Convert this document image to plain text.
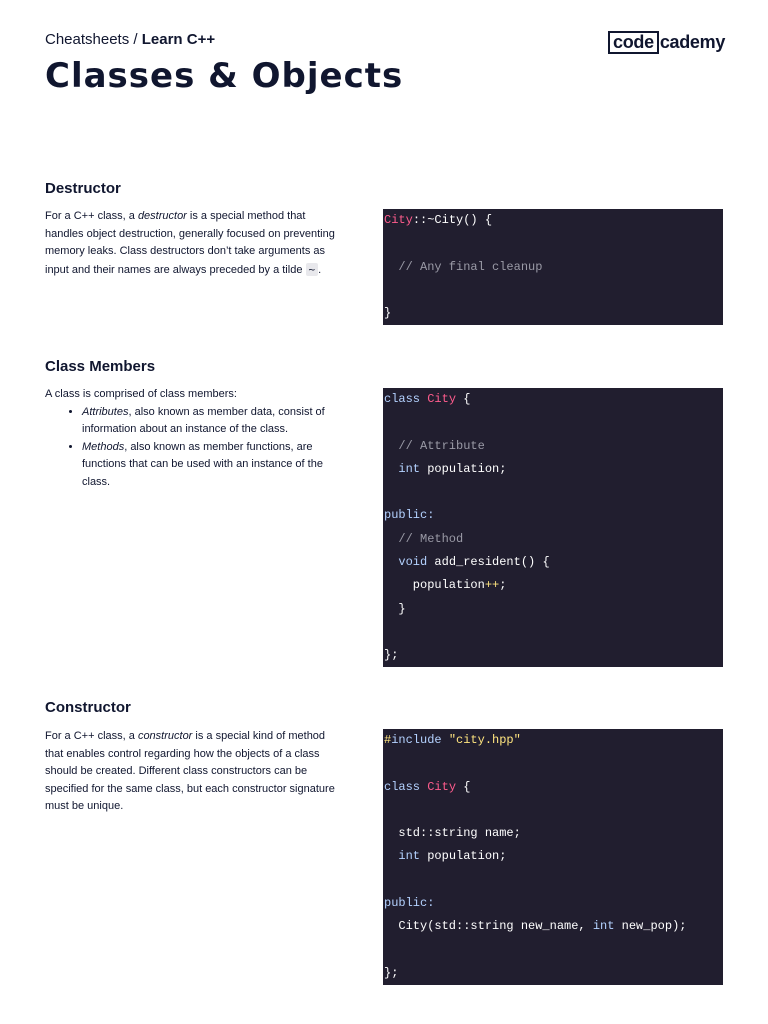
Cheatsheets / Learn C++
Classes & Objects
code cademy
Destructor

For a C++ class, a destructor is a special method that handles object destruction, generally focused on preventing memory leaks. Class destructors don’t take arguments as input and their names are always preceded by a tilde ~ .

City::~City() {
// Any final cleanup
}
Class Members
A class is comprised of class members:
• Attributes, also known as member data, consist of information about an instance of the class.
• Methods, also known as member functions, are functions that can be used with an instance of the class.
class City {
// Attribute
int population;
public:
// Method
void add_resident() {
population++;
}
};
Constructor

For a C++ class, a constructor is a special kind of method that enables control regarding how the objects of a class should be created. Different class constructors can be specified for the same class, but each constructor signature must be unique.

#include "city.hpp"
class City {
std::string name;
int population;
public:
City(std::string new_name, int new_pop);
};
